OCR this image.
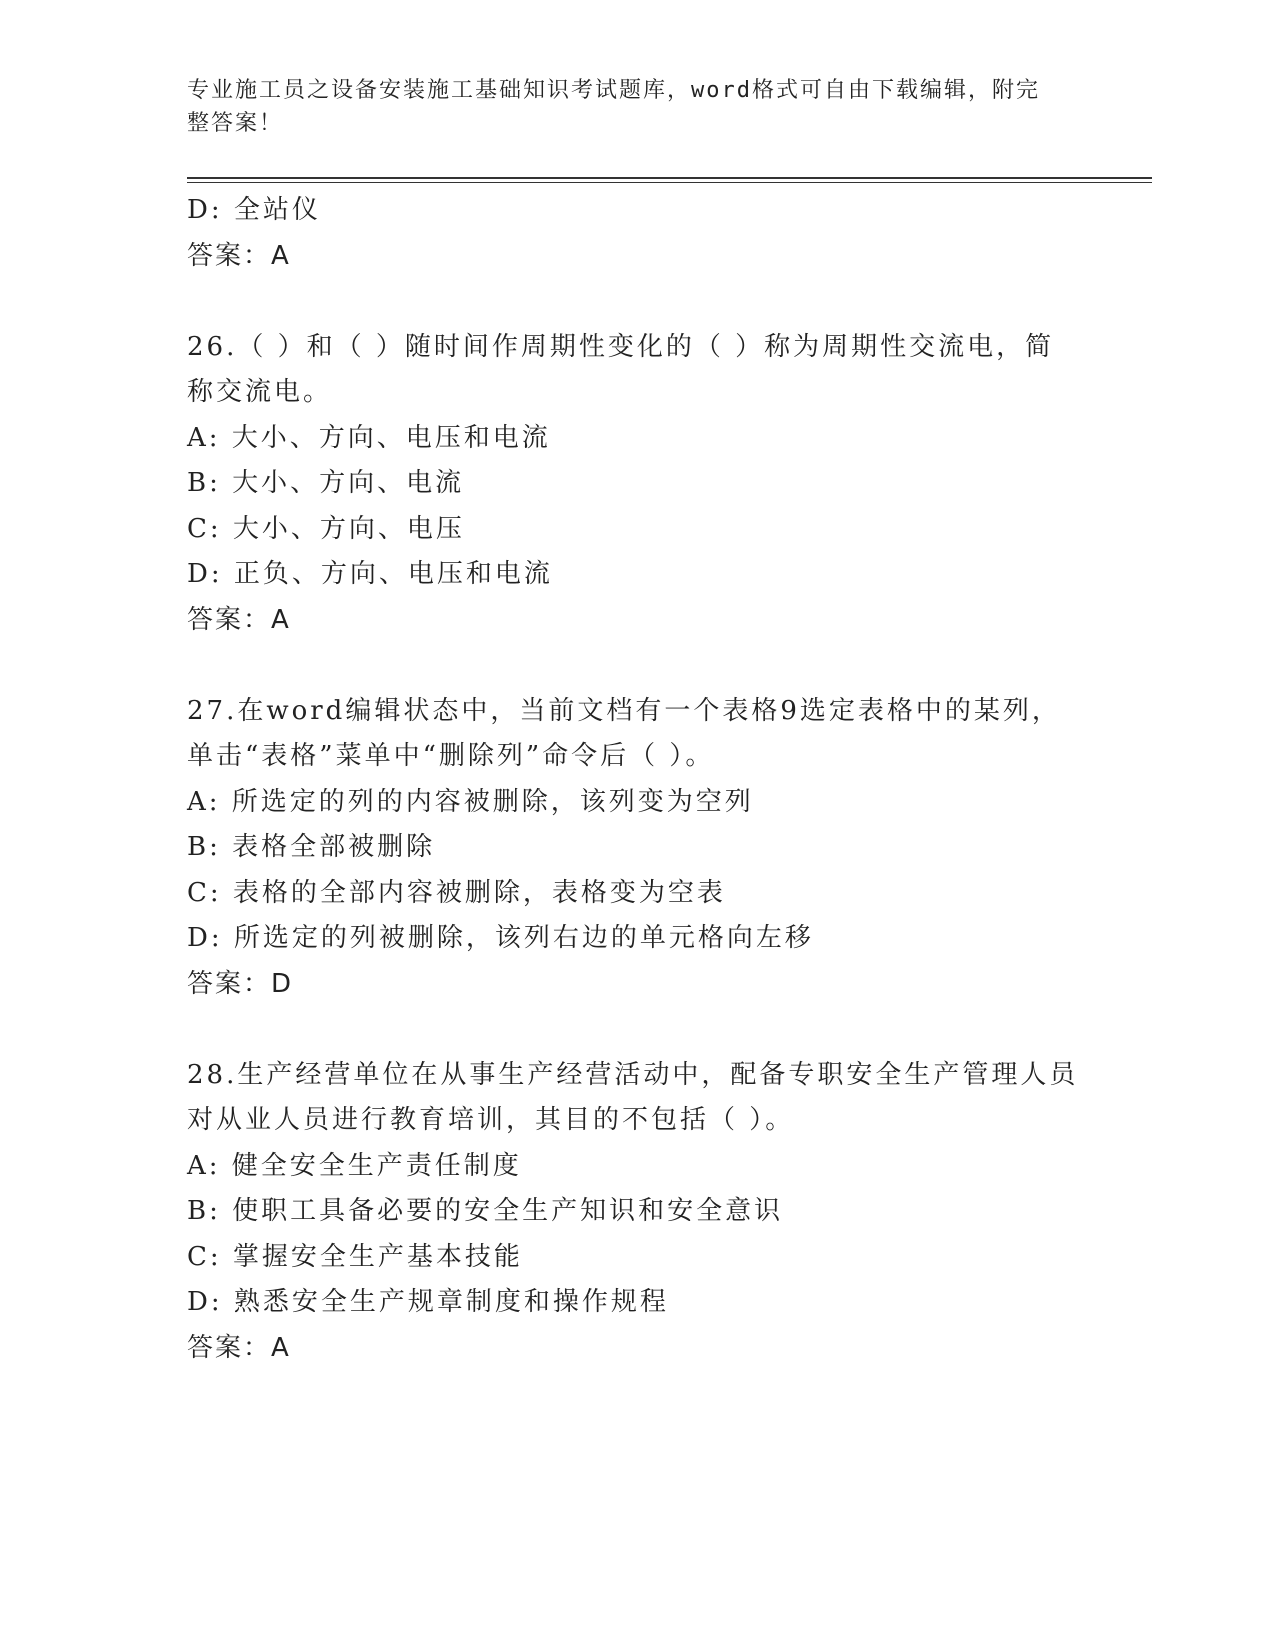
专业施工员之设备安装施工基础知识考试题库，word格式可自由下载编辑，附完
整答案！
D: 全站仪
答案：A
26.（ ）和（ ）随时间作周期性变化的（ ）称为周期性交流电，简
称交流电。
A: 大小、方向、电压和电流
B: 大小、方向、电流
C: 大小、方向、电压
D: 正负、方向、电压和电流
答案：A
27.在word编辑状态中，当前文档有一个表格9选定表格中的某列，
单击“表格”菜单中“删除列”命令后（ ）。
A: 所选定的列的内容被删除，该列变为空列
B: 表格全部被删除
C: 表格的全部内容被删除，表格变为空表
D: 所选定的列被删除，该列右边的单元格向左移
答案：D
28.生产经营单位在从事生产经营活动中，配备专职安全生产管理人员
对从业人员进行教育培训，其目的不包括（ ）。
A: 健全安全生产责任制度
B: 使职工具备必要的安全生产知识和安全意识
C: 掌握安全生产基本技能
D: 熟悉安全生产规章制度和操作规程
答案：A
